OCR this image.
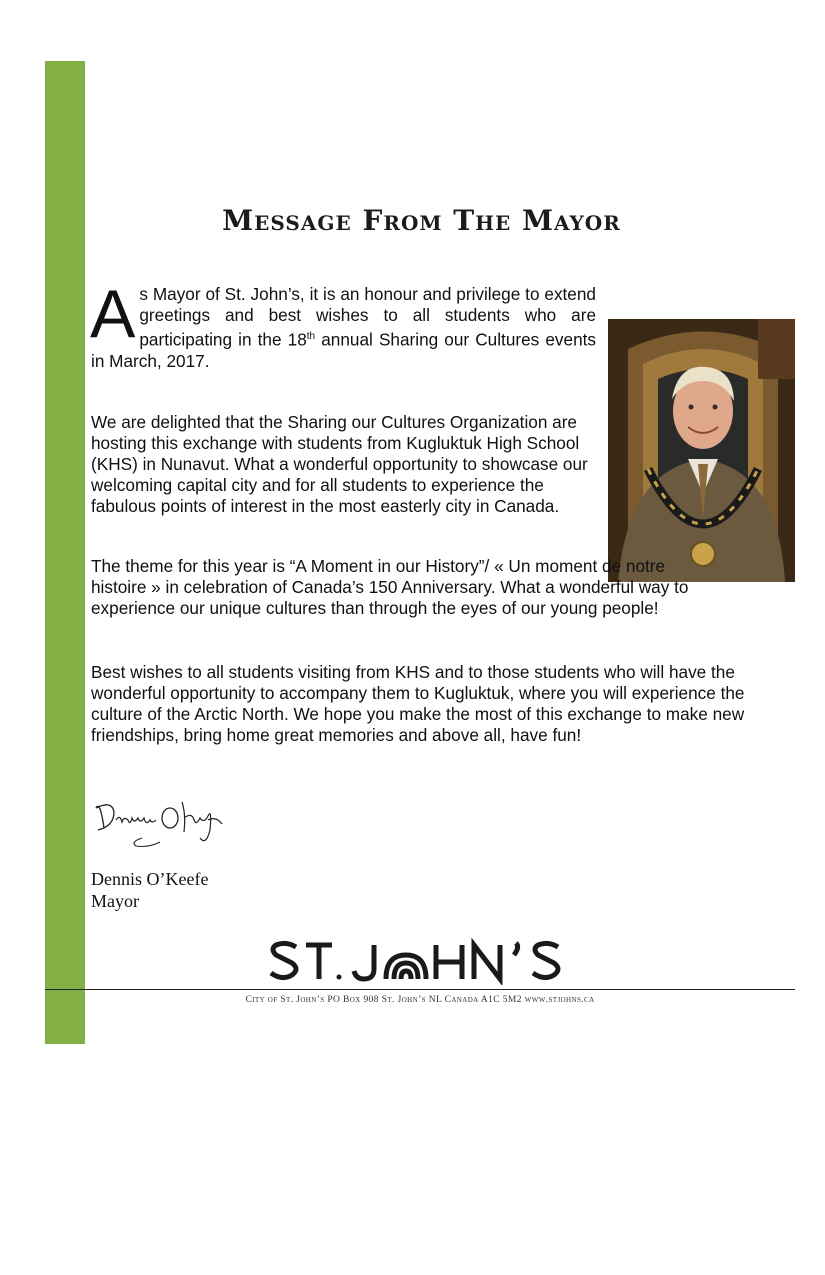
Message From The Mayor

As Mayor of St. John’s, it is an honour and privilege to extend greetings and best wishes to all students who are participating in the 18th annual Sharing our Cultures events in March, 2017.

We are delighted that the Sharing our Cultures Organization are hosting this exchange with students from Kugluktuk High School (KHS) in Nunavut. What a wonderful opportunity to showcase our welcoming capital city and for all students to experience the fabulous points of interest in the most easterly city in Canada.

The theme for this year is “A Moment in our History”/ « Un moment de notre histoire » in celebration of Canada’s 150 Anniversary. What a wonderful way to experience our unique cultures than through the eyes of our young people!

Best wishes to all students visiting from KHS and to those students who will have the wonderful opportunity to accompany them to Kugluktuk, where you will experience the culture of the Arctic North. We hope you make the most of this exchange to make new friendships, bring home great memories and above all, have fun!

Dennis O’Keefe
Mayor
City of St. John’s PO Box 908 St. John’s NL Canada A1C 5M2 www.stjohns.ca
